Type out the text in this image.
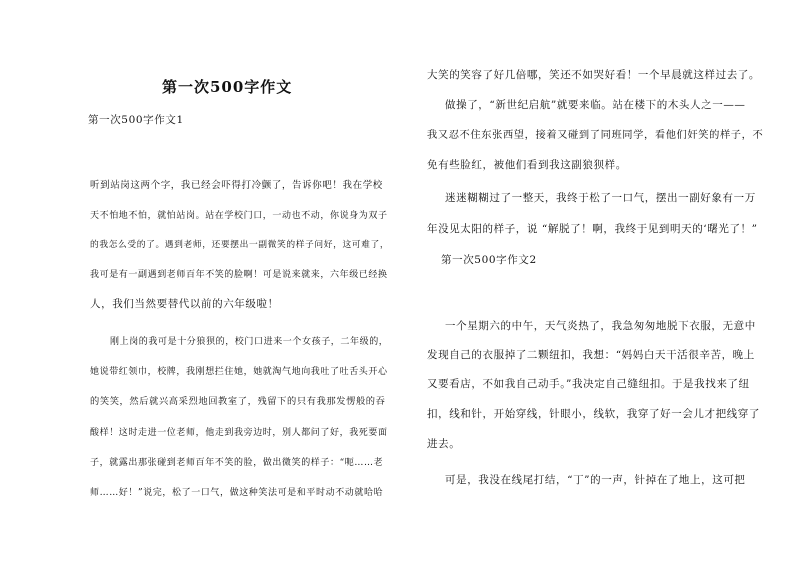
第一次500字作文
第一次500字作文1
听到站岗这两个字，我已经会吓得打冷颤了，告诉你吧！我在学校
天不怕地不怕，就怕站岗。站在学校门口，一动也不动，你说身为双子
的我怎么受的了。遇到老师，还要摆出一副微笑的样子问好，这可难了，
我可是有一副遇到老师百年不笑的脸啊！可是说来就来，六年级已经换
人，我们当然要替代以前的六年级啦！
刚上岗的我可是十分狼狈的，校门口进来一个女孩子，二年级的，
她说带红领巾，校牌，我刚想拦住她，她就淘气地向我吐了吐舌头开心
的笑笑，然后就兴高采烈地回教室了，残留下的只有我那发愣般的吞
酸样！这时走进一位老师，他走到我旁边时，别人都问了好，我死要面
子，就露出那张碰到老师百年不笑的脸，做出微笑的样子：“呃……老
师……好！”说完，松了一口气，做这种笑法可是和平时动不动就哈哈
大笑的笑容了好几倍哪，笑还不如哭好看！一个早晨就这样过去了。
做操了，“新世纪启航”就要来临。站在楼下的木头人之一——
我又忍不住东张西望，接着又碰到了同班同学，看他们奸笑的样子，不
免有些脸红，被他们看到我这副狼狈样。
迷迷糊糊过了一整天，我终于松了一口气，摆出一副好象有一万
年没见太阳的样子，说 “解脱了！啊，我终于见到明天的‘曙光了！”
第一次500字作文2
一个星期六的中午，天气炎热了，我急匆匆地脱下衣服，无意中
发现自己的衣服掉了二颗纽扣，我想：“妈妈白天干活很辛苦，晚上
又要看店，不如我自己动手。”我决定自己缝纽扣。于是我找来了纽
扣，线和针，开始穿线，针眼小，线软，我穿了好一会儿才把线穿了
进去。
可是，我没在线尾打结，“丁”的一声，针掉在了地上，这可把
